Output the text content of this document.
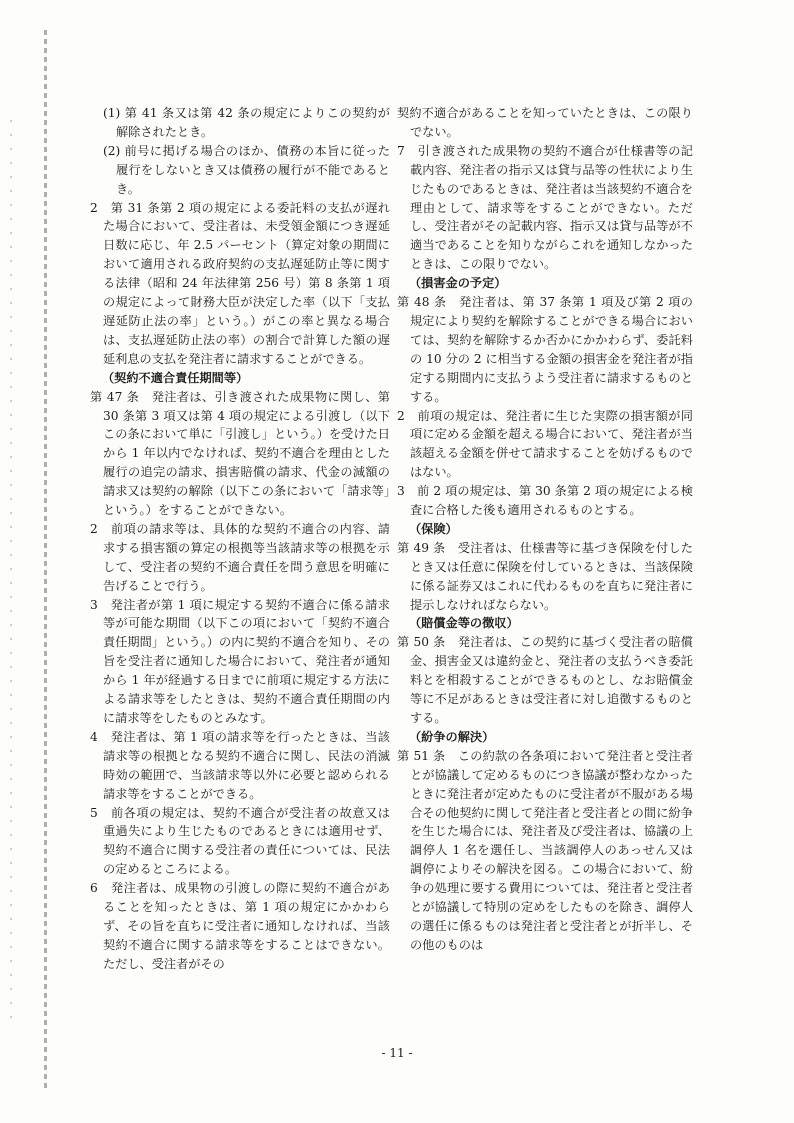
(1) 第 41 条又は第 42 条の規定によりこの契約が解除されたとき。

(2) 前号に掲げる場合のほか、債務の本旨に従った履行をしないとき又は債務の履行が不能であるとき。

2　第 31 条第 2 項の規定による委託料の支払が遅れた場合において、受注者は、未受領金額につき遅延日数に応じ、年 2.5 パーセント（算定対象の期間において適用される政府契約の支払遅延防止等に関する法律（昭和 24 年法律第 256 号）第 8 条第 1 項の規定によって財務大臣が決定した率（以下「支払遅延防止法の率」という。）がこの率と異なる場合は、支払遅延防止法の率）の割合で計算した額の遅延利息の支払を発注者に請求することができる。

（契約不適合責任期間等）

第 47 条　発注者は、引き渡された成果物に関し、第 30 条第 3 項又は第 4 項の規定による引渡し（以下この条において単に「引渡し」という。）を受けた日から 1 年以内でなければ、契約不適合を理由とした履行の追完の請求、損害賠償の請求、代金の減額の請求又は契約の解除（以下この条において「請求等」という。）をすることができない。

2　前項の請求等は、具体的な契約不適合の内容、請求する損害額の算定の根拠等当該請求等の根拠を示して、受注者の契約不適合責任を問う意思を明確に告げることで行う。

3　発注者が第 1 項に規定する契約不適合に係る請求等が可能な期間（以下この項において「契約不適合責任期間」という。）の内に契約不適合を知り、その旨を受注者に通知した場合において、発注者が通知から 1 年が経過する日までに前項に規定する方法による請求等をしたときは、契約不適合責任期間の内に請求等をしたものとみなす。

4　発注者は、第 1 項の請求等を行ったときは、当該請求等の根拠となる契約不適合に関し、民法の消滅時効の範囲で、当該請求等以外に必要と認められる請求等をすることができる。

5　前各項の規定は、契約不適合が受注者の故意又は重過失により生じたものであるときには適用せず、契約不適合に関する受注者の責任については、民法の定めるところによる。

6　発注者は、成果物の引渡しの際に契約不適合があることを知ったときは、第 1 項の規定にかかわらず、その旨を直ちに受注者に通知しなければ、当該契約不適合に関する請求等をすることはできない。ただし、受注者がその

契約不適合があることを知っていたときは、この限りでない。

7　引き渡された成果物の契約不適合が仕様書等の記載内容、発注者の指示又は貸与品等の性状により生じたものであるときは、発注者は当該契約不適合を理由として、請求等をすることができない。ただし、受注者がその記載内容、指示又は貸与品等が不適当であることを知りながらこれを通知しなかったときは、この限りでない。

（損害金の予定）

第 48 条　発注者は、第 37 条第 1 項及び第 2 項の規定により契約を解除することができる場合においては、契約を解除するか否かにかかわらず、委託料の 10 分の 2 に相当する金額の損害金を発注者が指定する期間内に支払うよう受注者に請求するものとする。

2　前項の規定は、発注者に生じた実際の損害額が同項に定める金額を超える場合において、発注者が当該超える金額を併せて請求することを妨げるものではない。

3　前 2 項の規定は、第 30 条第 2 項の規定による検査に合格した後も適用されるものとする。

（保険）

第 49 条　受注者は、仕様書等に基づき保険を付したとき又は任意に保険を付しているときは、当該保険に係る証券又はこれに代わるものを直ちに発注者に提示しなければならない。

（賠償金等の徴収）

第 50 条　発注者は、この契約に基づく受注者の賠償金、損害金又は違約金と、発注者の支払うべき委託料とを相殺することができるものとし、なお賠償金等に不足があるときは受注者に対し追徴するものとする。

（紛争の解決）

第 51 条　この約款の各条項において発注者と受注者とが協議して定めるものにつき協議が整わなかったときに発注者が定めたものに受注者が不服がある場合その他契約に関して発注者と受注者との間に紛争を生じた場合には、発注者及び受注者は、協議の上調停人 1 名を選任し、当該調停人のあっせん又は調停によりその解決を図る。この場合において、紛争の処理に要する費用については、発注者と受注者とが協議して特別の定めをしたものを除き、調停人の選任に係るものは発注者と受注者とが折半し、その他のものは

- 11 -
